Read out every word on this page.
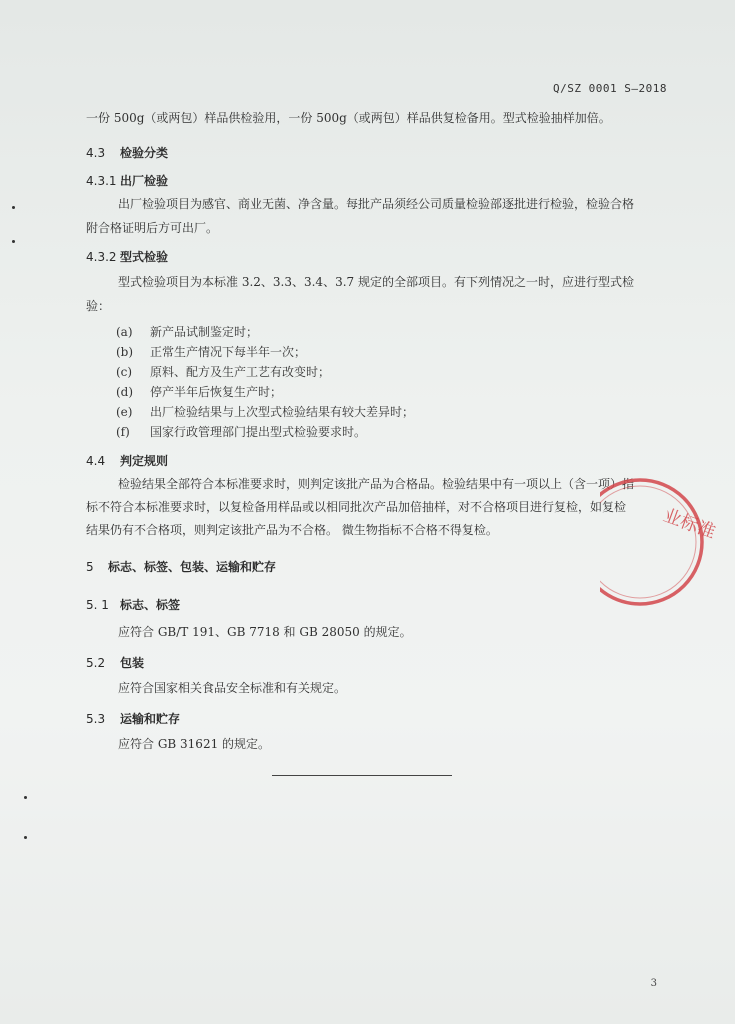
Q/SZ 0001 S—2018
一份 500g（或两包）样品供检验用，一份 500g（或两包）样品供复检备用。型式检验抽样加倍。
4.3 检验分类
4.3.1 出厂检验
出厂检验项目为感官、商业无菌、净含量。每批产品须经公司质量检验部逐批进行检验，检验合格
附合格证明后方可出厂。
4.3.2 型式检验
型式检验项目为本标准 3.2、3.3、3.4、3.7 规定的全部项目。有下列情况之一时，应进行型式检
验：
(a) 新产品试制鉴定时；
(b) 正常生产情况下每半年一次；
(c) 原料、配方及生产工艺有改变时；
(d) 停产半年后恢复生产时；
(e) 出厂检验结果与上次型式检验结果有较大差异时；
(f) 国家行政管理部门提出型式检验要求时。
4.4 判定规则
检验结果全部符合本标准要求时，则判定该批产品为合格品。检验结果中有一项以上（含一项）指
标不符合本标准要求时，以复检备用样品或以相同批次产品加倍抽样，对不合格项目进行复检，如复检
结果仍有不合格项，则判定该批产品为不合格。 微生物指标不合格不得复检。
5 标志、标签、包装、运输和贮存
5. 1 标志、标签
应符合 GB/T 191、GB 7718 和 GB 28050 的规定。
5.2 包装
应符合国家相关食品安全标准和有关规定。
5.3 运输和贮存
应符合 GB 31621 的规定。
3
业标准
